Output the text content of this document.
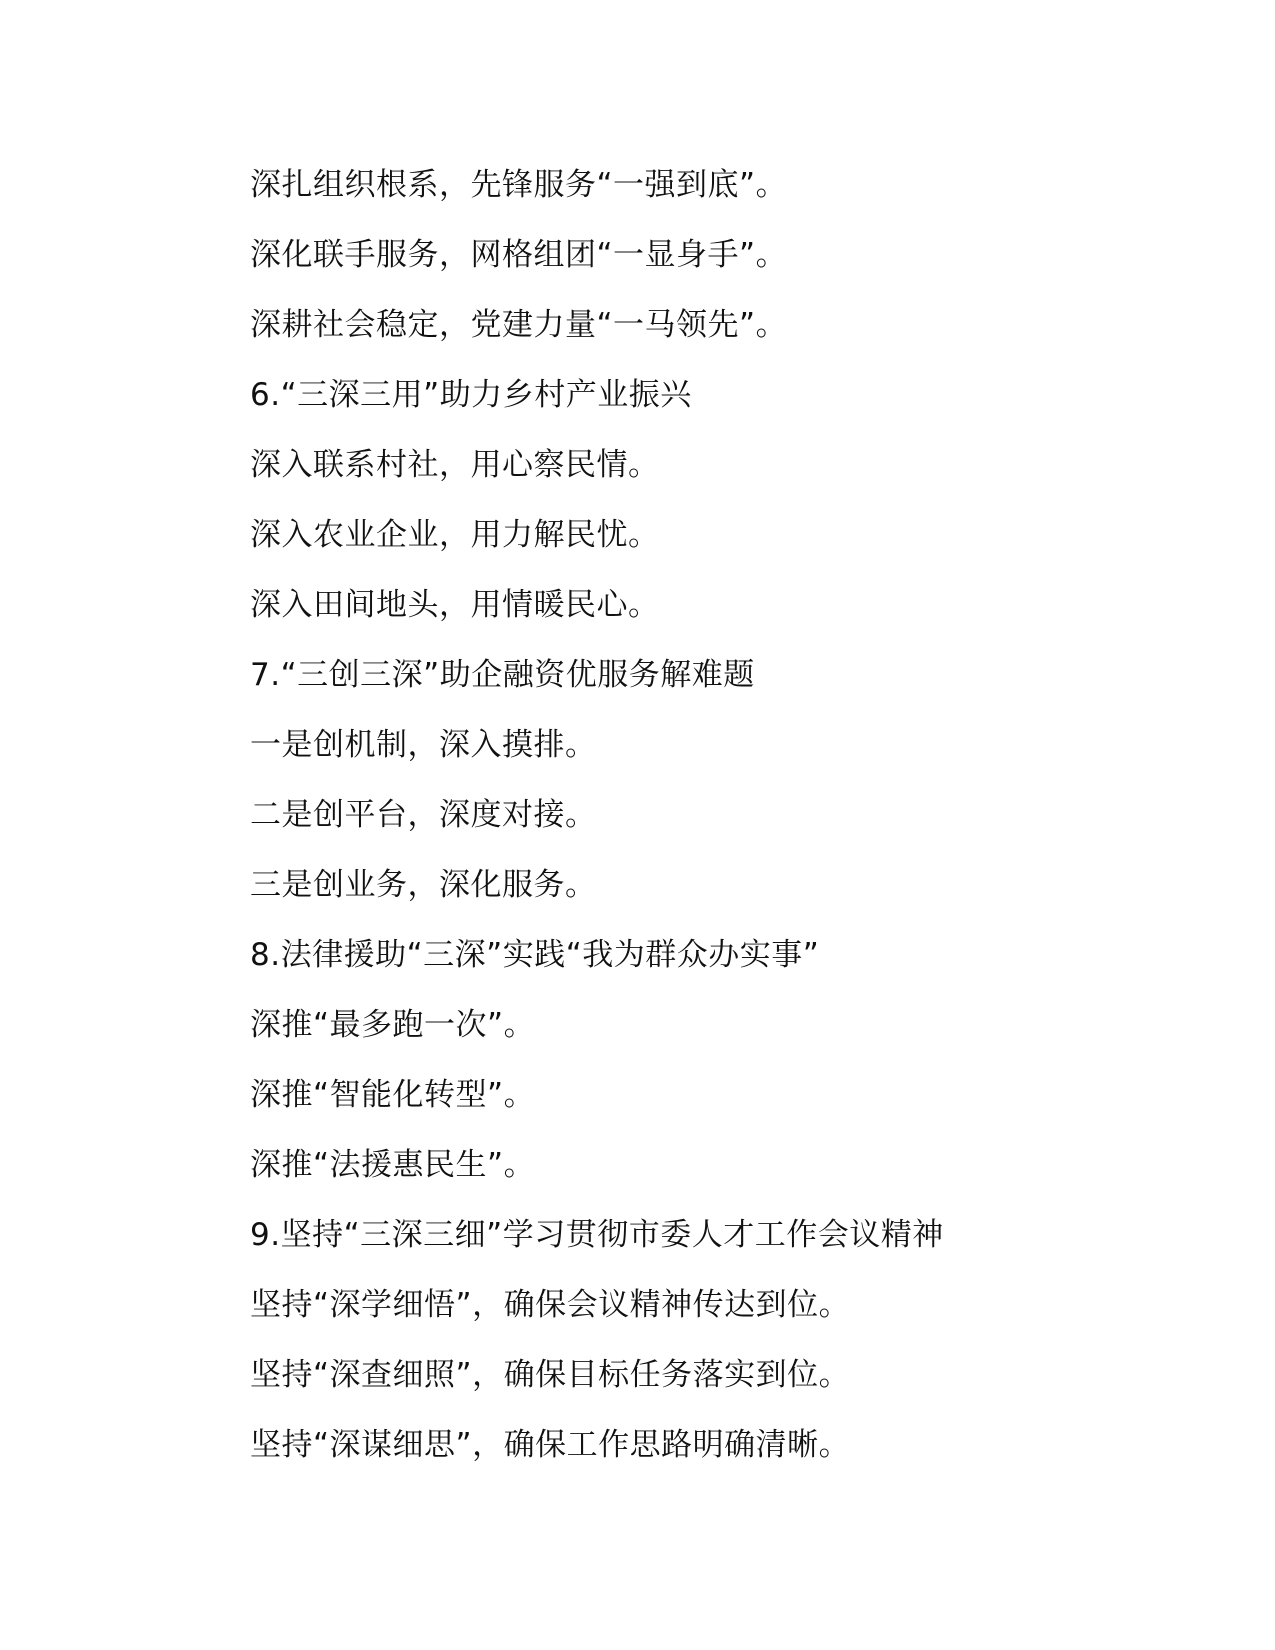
深扎组织根系，先锋服务“一强到底”。
深化联手服务，网格组团“一显身手”。
深耕社会稳定，党建力量“一马领先”。
6.“三深三用”助力乡村产业振兴
深入联系村社，用心察民情。
深入农业企业，用力解民忧。
深入田间地头，用情暖民心。
7.“三创三深”助企融资优服务解难题
一是创机制，深入摸排。
二是创平台，深度对接。
三是创业务，深化服务。
8.法律援助“三深”实践“我为群众办实事”
深推“最多跑一次”。
深推“智能化转型”。
深推“法援惠民生”。
9.坚持“三深三细”学习贯彻市委人才工作会议精神
坚持“深学细悟”，确保会议精神传达到位。
坚持“深查细照”，确保目标任务落实到位。
坚持“深谋细思”，确保工作思路明确清晰。
